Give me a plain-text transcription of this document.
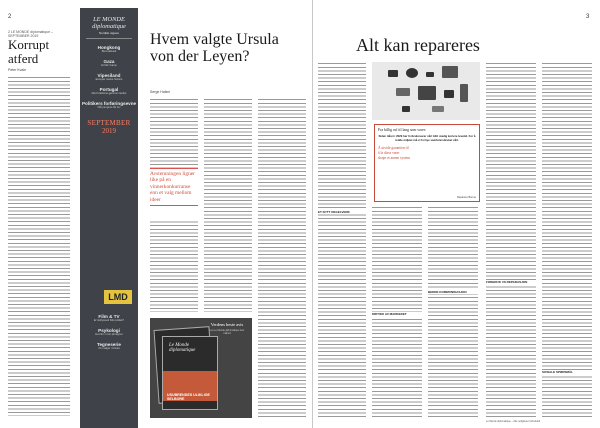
2
2 LE MONDE diplomatique – SEPTEMBER 2019
Korrupt atferd
Peter Kvale
LE MONDE diplomatique
Nordisk utgave
Hongkong
Brennaktuelt
Gaza
Et folk i kamp
Vipesiland
Europas mørke historie
Portugal
Med brødrene gjennom landet
Politikers forføringsevne
Når pengene får lov
SEPTEMBER
2019
Film & TV
Er Hollywood blitt politisk?
Psykologi
Hvorfor vi tror på løgner
Tegneserie
Om valget i Ursula
LMD
Hvem valgte Ursula von der Leyen?
Serge Halimi
Avstemningen ligner like på en vinnerkonkurranse enn et valg mellom ideer
Le Monde diplomatique
USUBRENDES ULIKLIGE SELBORE
Verdens beste avis
Les Le Monde diplomatique hver måned
3
Alt kan repareres
ET NYTT REGELVERK
Fra billig ruf til lang som varer:
Siden tiåret i 2029 har forbruksvarer vårt blitt stadig kortere levetid. For å redde miljøet må vi fornye samfunnsbruket vårt.
Å utvide garantien til
å la disse varer
skape et annen system
Reparere Bonne
KRITIKK AV MARKEDET
BEDRE KOMMUNIKASJON
FORBRUK VS REPARASJON
SOSIALE SPØRSMÅL
Le Monde diplomatique – Alle rettigheter forbeholdt
